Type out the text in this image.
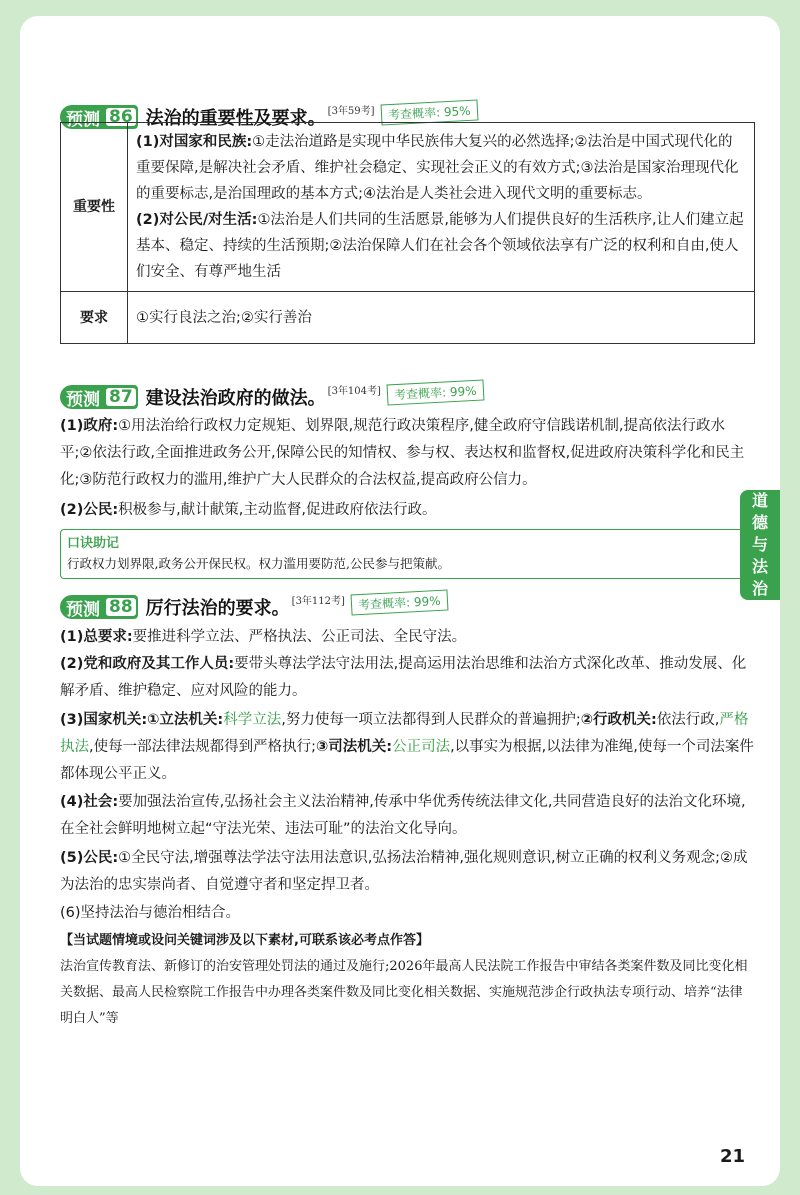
预测 86 法治的重要性及要求。 [3年59考]	考查概率: 95%
重要性	(1)对国家和民族:①走法治道路是实现中华民族伟大复兴的必然选择;②法治是中国式现代化的重要保障,是解决社会矛盾、维护社会稳定、实现社会正义的有效方式;③法治是国家治理现代化的重要标志,是治国理政的基本方式;④法治是人类社会进入现代文明的重要标志。
(2)对公民/对生活:①法治是人们共同的生活愿景,能够为人们提供良好的生活秩序,让人们建立起基本、稳定、持续的生活预期;②法治保障人们在社会各个领域依法享有广泛的权利和自由,使人们安全、有尊严地生活

要求	①实行良法之治;②实行善治
预测 87 建设法治政府的做法。 [3年104考]	考查概率: 99%
(1)政府:①用法治给行政权力定规矩、划界限,规范行政决策程序,健全政府守信践诺机制,提高依法行政水平;②依法行政,全面推进政务公开,保障公民的知情权、参与权、表达权和监督权,促进政府决策科学化和民主化;③防范行政权力的滥用,维护广大人民群众的合法权益,提高政府公信力。
(2)公民:积极参与,献计献策,主动监督,促进政府依法行政。
口诀助记
行政权力划界限,政务公开保民权。权力滥用要防范,公民参与把策献。
预测 88 厉行法治的要求。 [3年112考]	考查概率: 99%
(1)总要求:要推进科学立法、严格执法、公正司法、全民守法。
(2)党和政府及其工作人员:要带头尊法学法守法用法,提高运用法治思维和法治方式深化改革、推动发展、化解矛盾、维护稳定、应对风险的能力。
(3)国家机关:①立法机关:科学立法,努力使每一项立法都得到人民群众的普遍拥护;②行政机关:依法行政,严格执法,使每一部法律法规都得到严格执行;③司法机关:公正司法,以事实为根据,以法律为准绳,使每一个司法案件都体现公平正义。
(4)社会:要加强法治宣传,弘扬社会主义法治精神,传承中华优秀传统法律文化,共同营造良好的法治文化环境,在全社会鲜明地树立起“守法光荣、违法可耻”的法治文化导向。
(5)公民:①全民守法,增强尊法学法守法用法意识,弘扬法治精神,强化规则意识,树立正确的权利义务观念;②成为法治的忠实崇尚者、自觉遵守者和坚定捍卫者。
(6)坚持法治与德治相结合。
【当试题情境或设问关键词涉及以下素材,可联系该必考点作答】
法治宣传教育法、新修订的治安管理处罚法的通过及施行;2026年最高人民法院工作报告中审结各类案件数及同比变化相关数据、最高人民检察院工作报告中办理各类案件数及同比变化相关数据、实施规范涉企行政执法专项行动、培养“法律明白人”等
21
道德与法治
